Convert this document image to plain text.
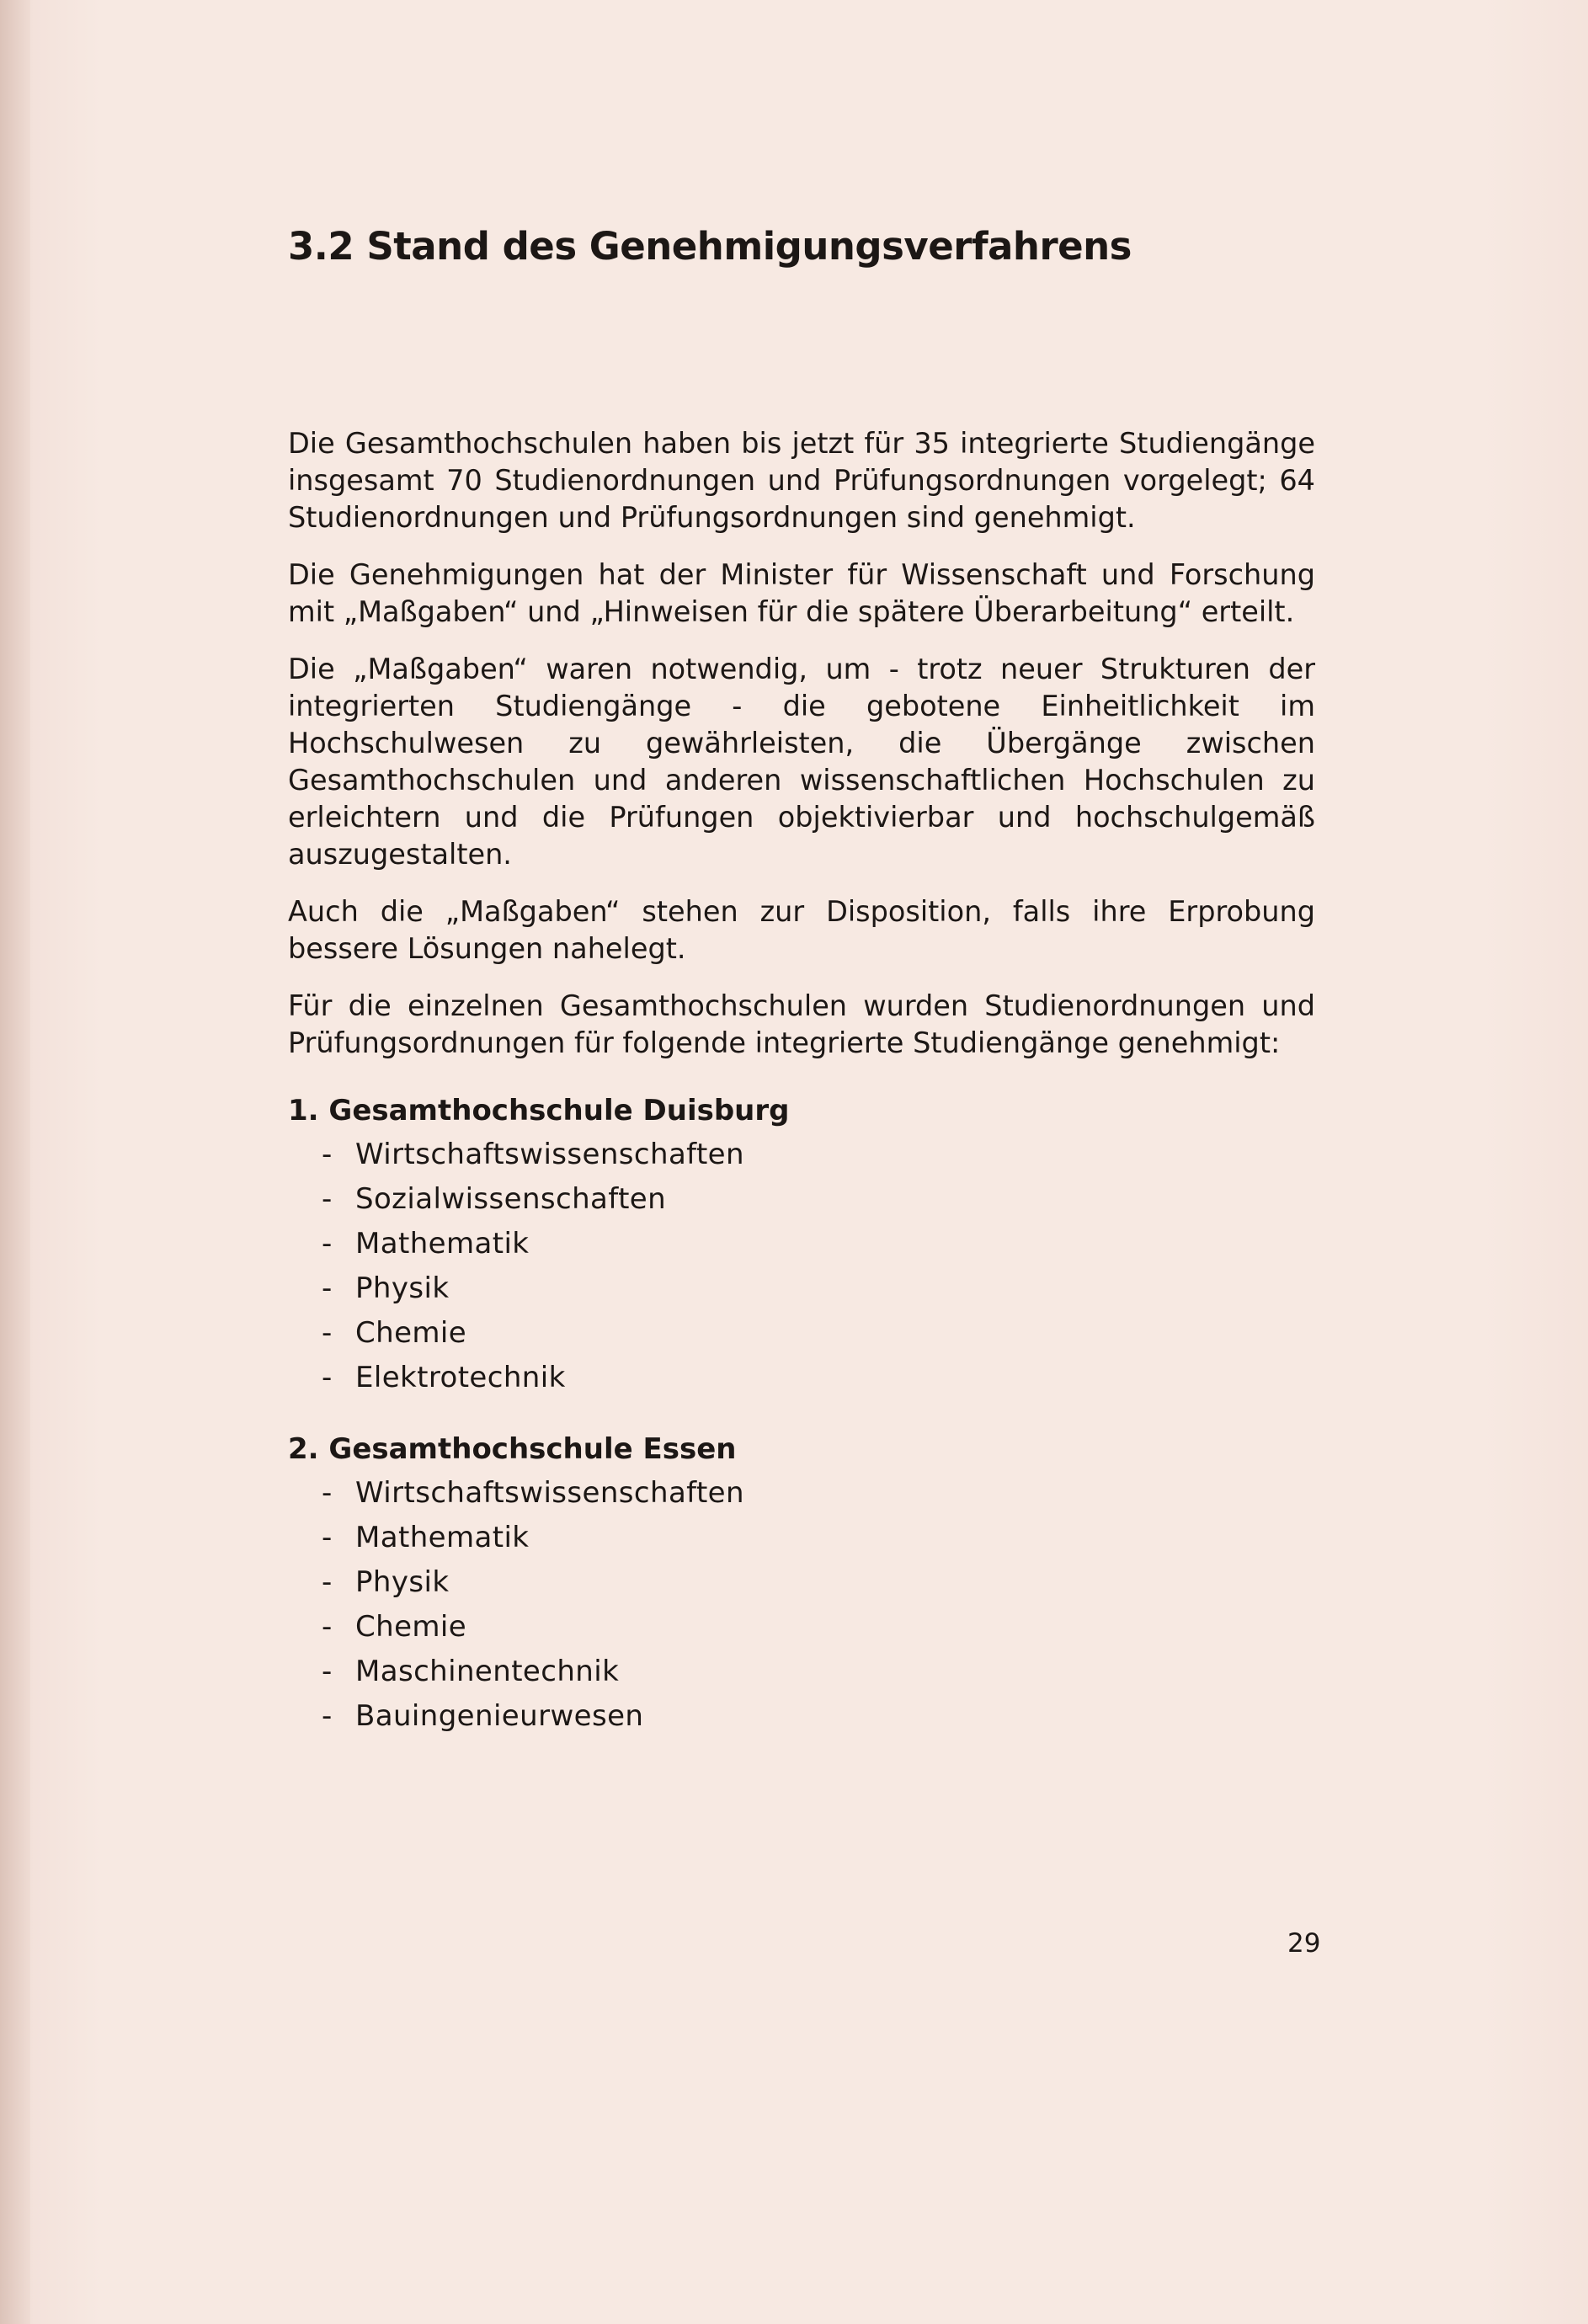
3.2 Stand des Genehmigungsverfahrens

Die Gesamthochschulen haben bis jetzt für 35 integrierte Studiengänge insgesamt 70 Studienordnungen und Prüfungsordnungen vorgelegt; 64 Studienordnungen und Prüfungsordnungen sind genehmigt.

Die Genehmigungen hat der Minister für Wissenschaft und Forschung mit „Maßgaben“ und „Hinweisen für die spätere Überarbeitung“ erteilt.

Die „Maßgaben“ waren notwendig, um - trotz neuer Strukturen der integrierten Studiengänge - die gebotene Einheitlichkeit im Hochschulwesen zu gewährleisten, die Übergänge zwischen Gesamthochschulen und anderen wissenschaftlichen Hochschulen zu erleichtern und die Prüfungen objektivierbar und hochschulgemäß auszugestalten.

Auch die „Maßgaben“ stehen zur Disposition, falls ihre Erprobung bessere Lösungen nahelegt.

Für die einzelnen Gesamthochschulen wurden Studienordnungen und Prüfungsordnungen für folgende integrierte Studiengänge genehmigt:

1. Gesamthochschule Duisburg
- Wirtschaftswissenschaften
- Sozialwissenschaften
- Mathematik
- Physik
- Chemie
- Elektrotechnik
2. Gesamthochschule Essen
- Wirtschaftswissenschaften
- Mathematik
- Physik
- Chemie
- Maschinentechnik
- Bauingenieurwesen
29
